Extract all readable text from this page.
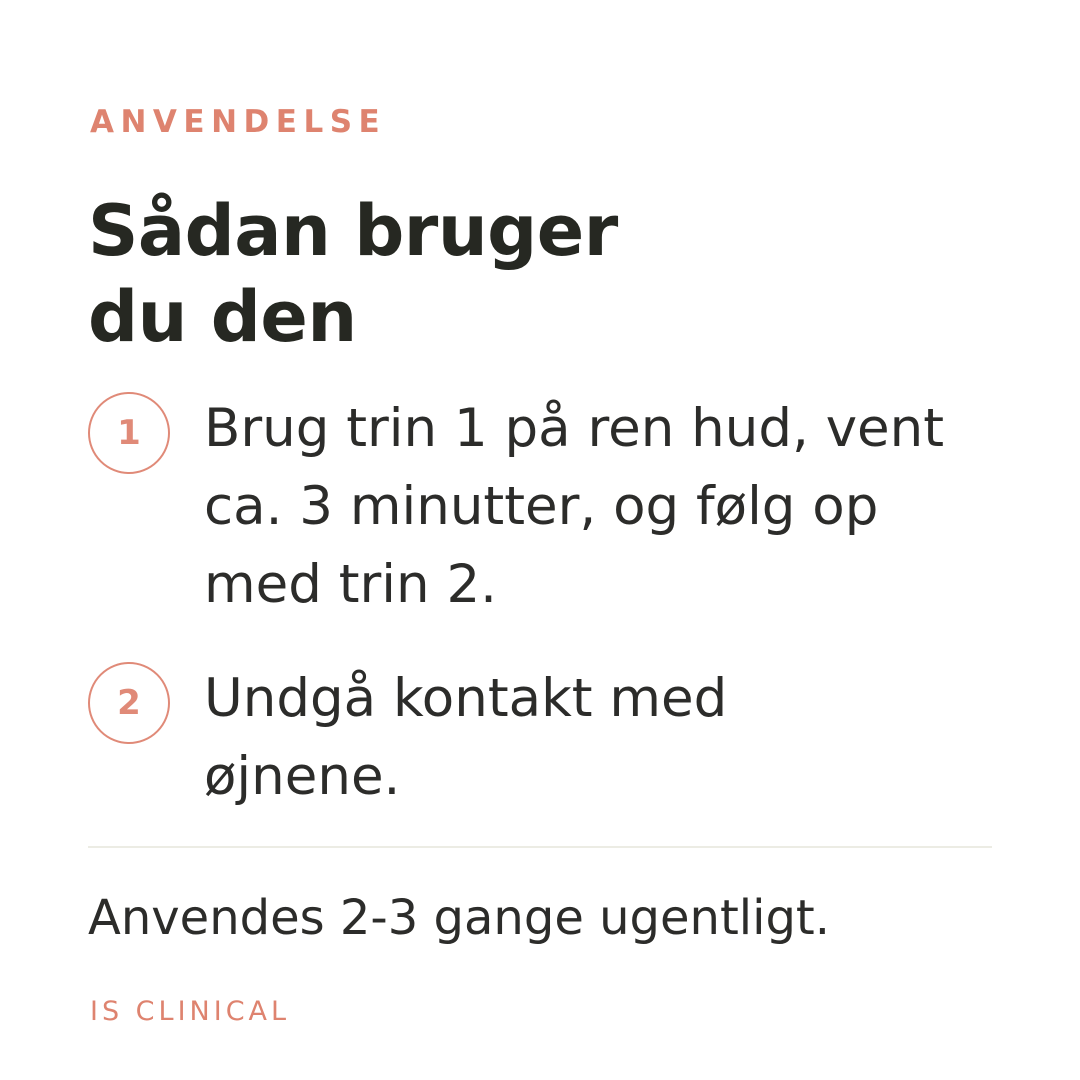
ANVENDELSE
Sådan bruger
du den
1	Brug trin 1 på ren hud, vent
ca. 3 minutter, og følg op
med trin 2.

2	Undgå kontakt med
øjnene.

Anvendes 2-3 gange ugentligt.
IS CLINICAL
